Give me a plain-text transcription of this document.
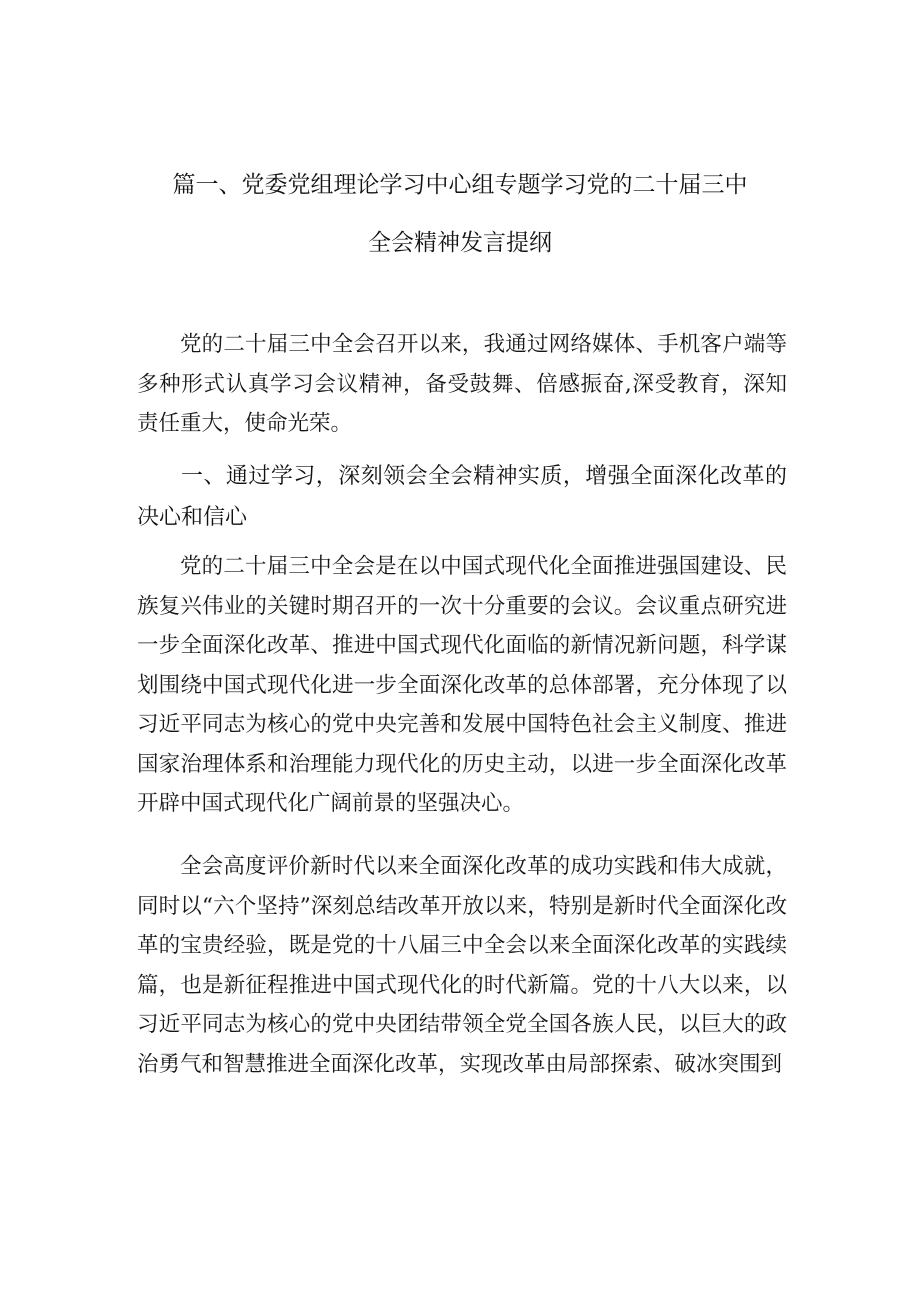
篇一、党委党组理论学习中心组专题学习党的二十届三中
全会精神发言提纲

党的二十届三中全会召开以来，我通过网络媒体、手机客户端等多种形式认真学习会议精神，备受鼓舞、倍感振奋,深受教育，深知责任重大，使命光荣。

一、通过学习，深刻领会全会精神实质，增强全面深化改革的决心和信心

党的二十届三中全会是在以中国式现代化全面推进强国建设、民族复兴伟业的关键时期召开的一次十分重要的会议。会议重点研究进一步全面深化改革、推进中国式现代化面临的新情况新问题，科学谋划围绕中国式现代化进一步全面深化改革的总体部署，充分体现了以习近平同志为核心的党中央完善和发展中国特色社会主义制度、推进国家治理体系和治理能力现代化的历史主动，以进一步全面深化改革开辟中国式现代化广阔前景的坚强决心。

全会高度评价新时代以来全面深化改革的成功实践和伟大成就，同时以“六个坚持”深刻总结改革开放以来，特别是新时代全面深化改革的宝贵经验，既是党的十八届三中全会以来全面深化改革的实践续篇，也是新征程推进中国式现代化的时代新篇。党的十八大以来，以习近平同志为核心的党中央团结带领全党全国各族人民，以巨大的政治勇气和智慧推进全面深化改革，实现改革由局部探索、破冰突围到
